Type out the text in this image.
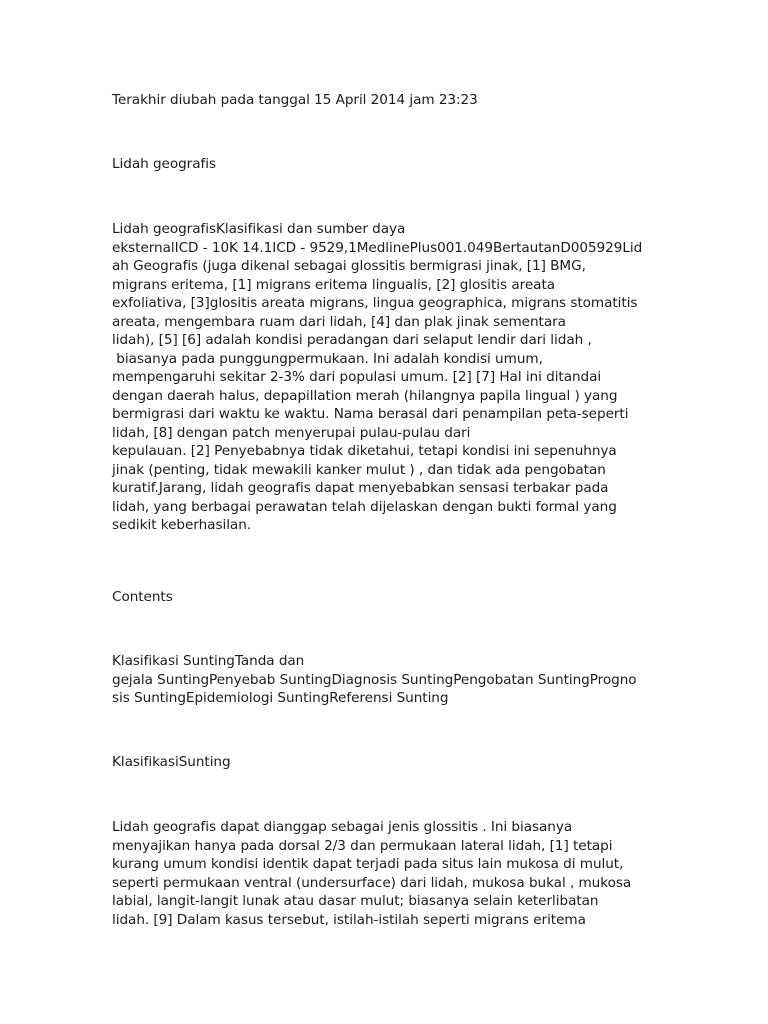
Terakhir diubah pada tanggal 15 April 2014 jam 23:23
Lidah geografis
Lidah geografisKlasifikasi dan sumber daya
eksternalICD - 10K 14.1ICD - 9529,1MedlinePlus001.049BertautanD005929Lid
ah Geografis (juga dikenal sebagai glossitis bermigrasi jinak, [1] BMG,
migrans eritema, [1] migrans eritema lingualis, [2] glositis areata
exfoliativa, [3]glositis areata migrans, lingua geographica, migrans stomatitis
areata, mengembara ruam dari lidah, [4] dan plak jinak sementara
lidah), [5] [6] adalah kondisi peradangan dari selaput lendir dari lidah ,
biasanya pada punggungpermukaan. Ini adalah kondisi umum,
mempengaruhi sekitar 2-3% dari populasi umum. [2] [7] Hal ini ditandai
dengan daerah halus, depapillation merah (hilangnya papila lingual ) yang
bermigrasi dari waktu ke waktu. Nama berasal dari penampilan peta-seperti
lidah, [8] dengan patch menyerupai pulau-pulau dari
kepulauan. [2] Penyebabnya tidak diketahui, tetapi kondisi ini sepenuhnya
jinak (penting, tidak mewakili kanker mulut ) , dan tidak ada pengobatan
kuratif.Jarang, lidah geografis dapat menyebabkan sensasi terbakar pada
lidah, yang berbagai perawatan telah dijelaskan dengan bukti formal yang
sedikit keberhasilan.
Contents
Klasifikasi SuntingTanda dan
gejala SuntingPenyebab SuntingDiagnosis SuntingPengobatan SuntingProgno
sis SuntingEpidemiologi SuntingReferensi Sunting
KlasifikasiSunting
Lidah geografis dapat dianggap sebagai jenis glossitis . Ini biasanya
menyajikan hanya pada dorsal 2/3 dan permukaan lateral lidah, [1] tetapi
kurang umum kondisi identik dapat terjadi pada situs lain mukosa di mulut,
seperti permukaan ventral (undersurface) dari lidah, mukosa bukal , mukosa
labial, langit-langit lunak atau dasar mulut; biasanya selain keterlibatan
lidah. [9] Dalam kasus tersebut, istilah-istilah seperti migrans eritema
